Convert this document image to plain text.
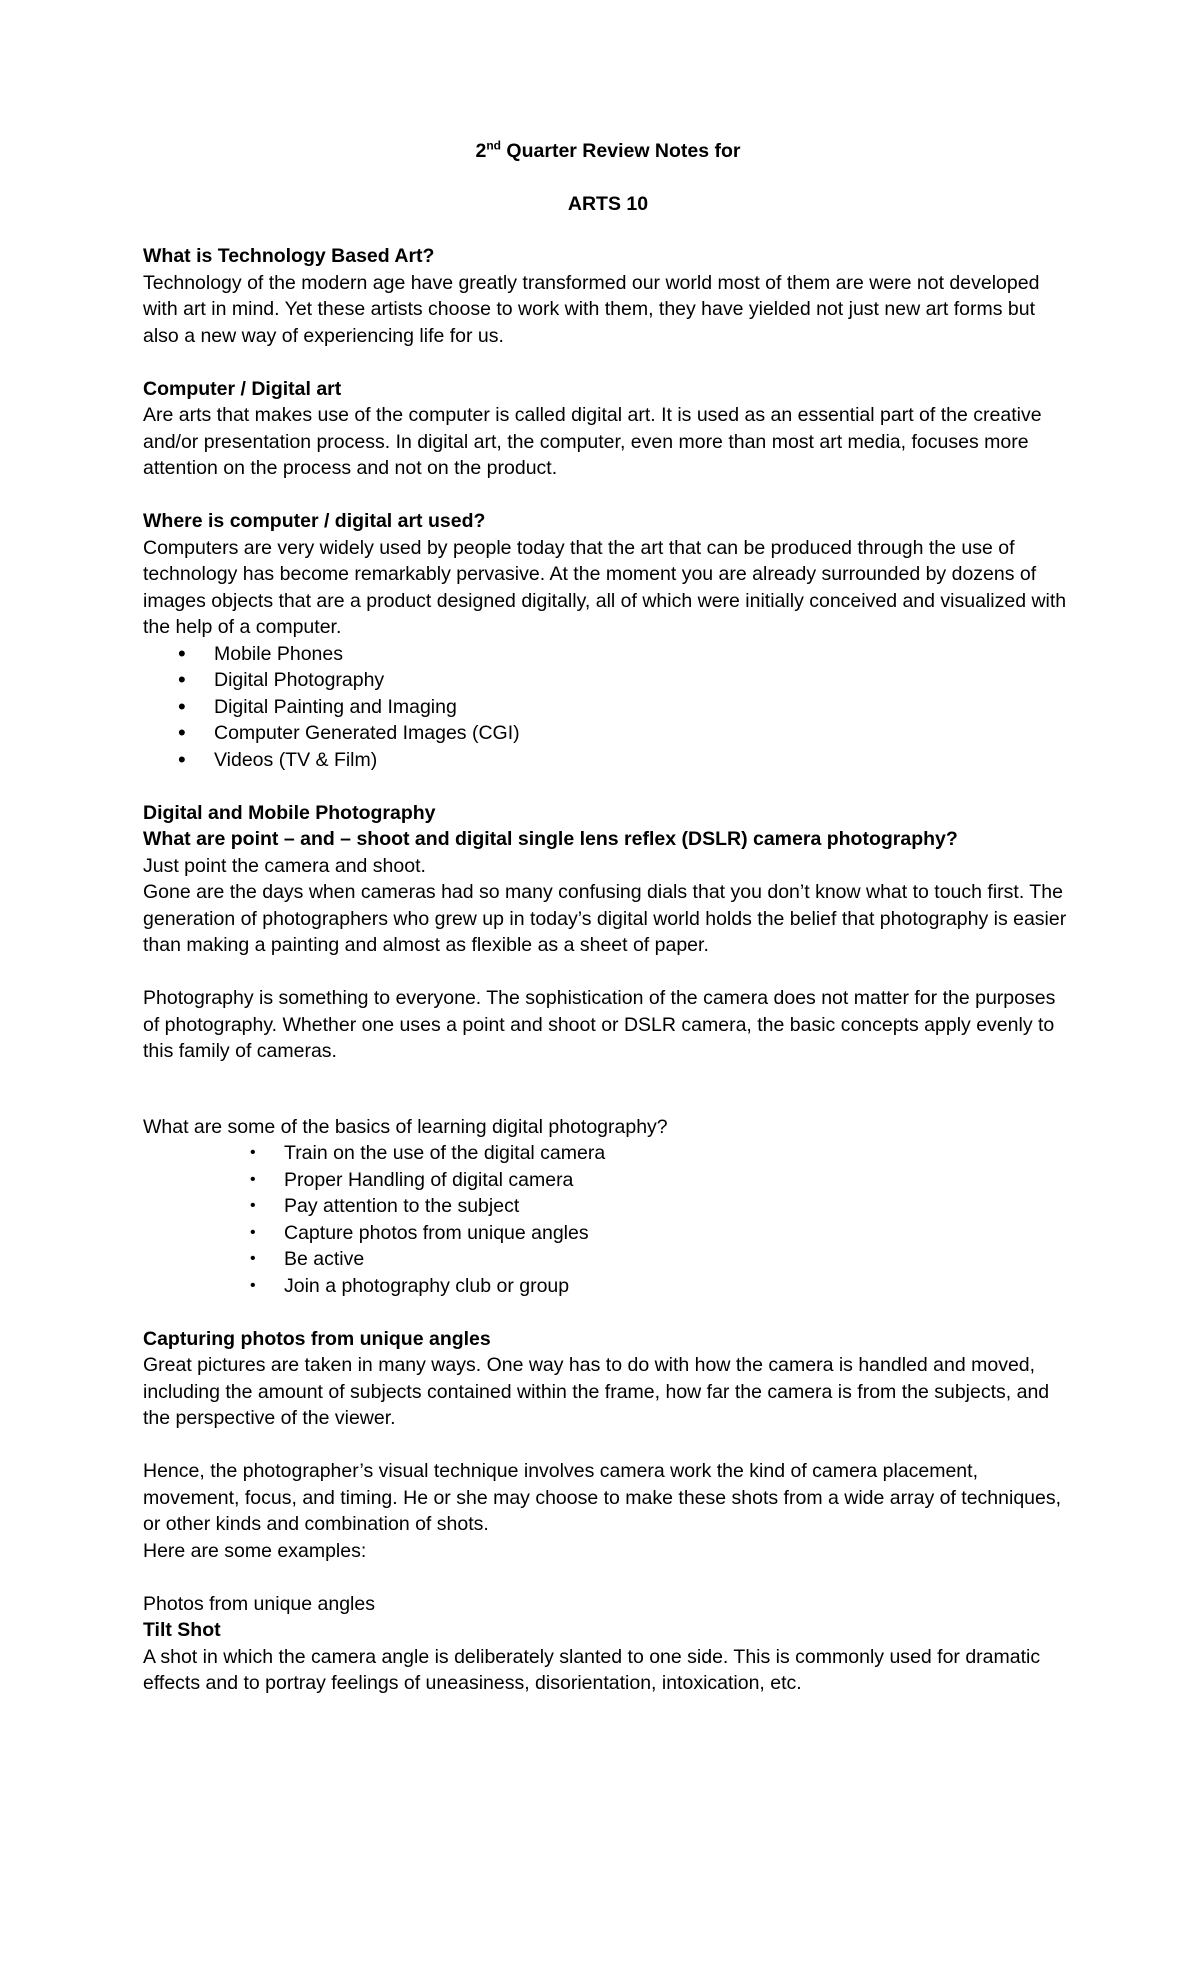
2nd Quarter Review Notes for

ARTS 10

What is Technology Based Art?

Technology of the modern age have greatly transformed our world most of them are were not developed with art in mind. Yet these artists choose to work with them, they have yielded not just new art forms but also a new way of experiencing life for us.

Computer / Digital art

Are arts that makes use of the computer is called digital art. It is used as an essential part of the creative and/or presentation process. In digital art, the computer, even more than most art media, focuses more attention on the process and not on the product.

Where is computer / digital art used?

Computers are very widely used by people today that the art that can be produced through the use of technology has become remarkably pervasive. At the moment you are already surrounded by dozens of images objects that are a product designed digitally, all of which were initially conceived and visualized with the help of a computer.

• Mobile Phones
• Digital Photography
• Digital Painting and Imaging
• Computer Generated Images (CGI)
• Videos (TV & Film)

Digital and Mobile Photography

What are point – and – shoot and digital single lens reflex (DSLR) camera photography?

Just point the camera and shoot.

Gone are the days when cameras had so many confusing dials that you don’t know what to touch first. The generation of photographers who grew up in today’s digital world holds the belief that photography is easier than making a painting and almost as flexible as a sheet of paper.

Photography is something to everyone. The sophistication of the camera does not matter for the purposes of photography. Whether one uses a point and shoot or DSLR camera, the basic concepts apply evenly to this family of cameras.

What are some of the basics of learning digital photography?

• Train on the use of the digital camera
• Proper Handling of digital camera
• Pay attention to the subject
• Capture photos from unique angles
• Be active
• Join a photography club or group

Capturing photos from unique angles

Great pictures are taken in many ways. One way has to do with how the camera is handled and moved, including the amount of subjects contained within the frame, how far the camera is from the subjects, and the perspective of the viewer.

Hence, the photographer’s visual technique involves camera work the kind of camera placement, movement, focus, and timing. He or she may choose to make these shots from a wide array of techniques, or other kinds and combination of shots.

Here are some examples:

Photos from unique angles

Tilt Shot

A shot in which the camera angle is deliberately slanted to one side. This is commonly used for dramatic effects and to portray feelings of uneasiness, disorientation, intoxication, etc.
